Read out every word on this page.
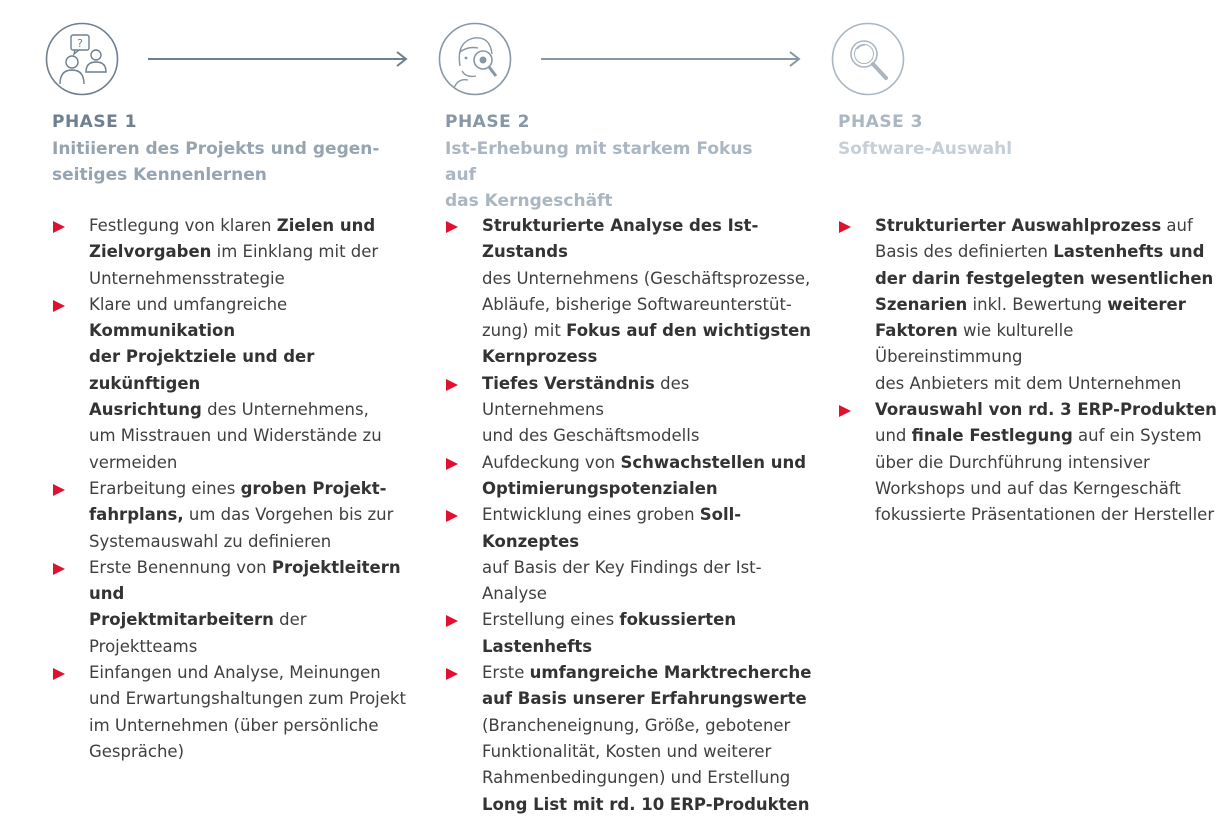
?
PHASE 1
Initiieren des Projekts und gegen-
seitiges Kennenlernen
Festlegung von klaren Zielen und
Zielvorgaben im Einklang mit der
Unternehmensstrategie
Klare und umfangreiche Kommunikation
der Projektziele und der zukünftigen
Ausrichtung des Unternehmens,
um Misstrauen und Widerstände zu
vermeiden
Erarbeitung eines groben Projekt-
fahrplans, um das Vorgehen bis zur
Systemauswahl zu definieren
Erste Benennung von Projektleitern und
Projektmitarbeitern der Projektteams
Einfangen und Analyse, Meinungen
und Erwartungshaltungen zum Projekt
im Unternehmen (über persönliche
Gespräche)
PHASE 2
Ist-Erhebung mit starkem Fokus auf
das Kerngeschäft
Strukturierte Analyse des Ist-Zustands
des Unternehmens (Geschäftsprozesse,
Abläufe, bisherige Softwareunterstüt-
zung) mit Fokus auf den wichtigsten
Kernprozess
Tiefes Verständnis des Unternehmens
und des Geschäftsmodells
Aufdeckung von Schwachstellen und
Optimierungspotenzialen
Entwicklung eines groben Soll-Konzeptes
auf Basis der Key Findings der Ist-Analyse
Erstellung eines fokussierten Lastenhefts
Erste umfangreiche Marktrecherche
auf Basis unserer Erfahrungswerte
(Brancheneignung, Größe, gebotener
Funktionalität, Kosten und weiterer
Rahmenbedingungen) und Erstellung
Long List mit rd. 10 ERP-Produkten
PHASE 3
Software-Auswahl
Strukturierter Auswahlprozess auf
Basis des definierten Lastenhefts und
der darin festgelegten wesentlichen
Szenarien inkl. Bewertung weiterer
Faktoren wie kulturelle Übereinstimmung
des Anbieters mit dem Unternehmen
Vorauswahl von rd. 3 ERP-Produkten
und finale Festlegung auf ein System
über die Durchführung intensiver
Workshops und auf das Kerngeschäft
fokussierte Präsentationen der Hersteller
